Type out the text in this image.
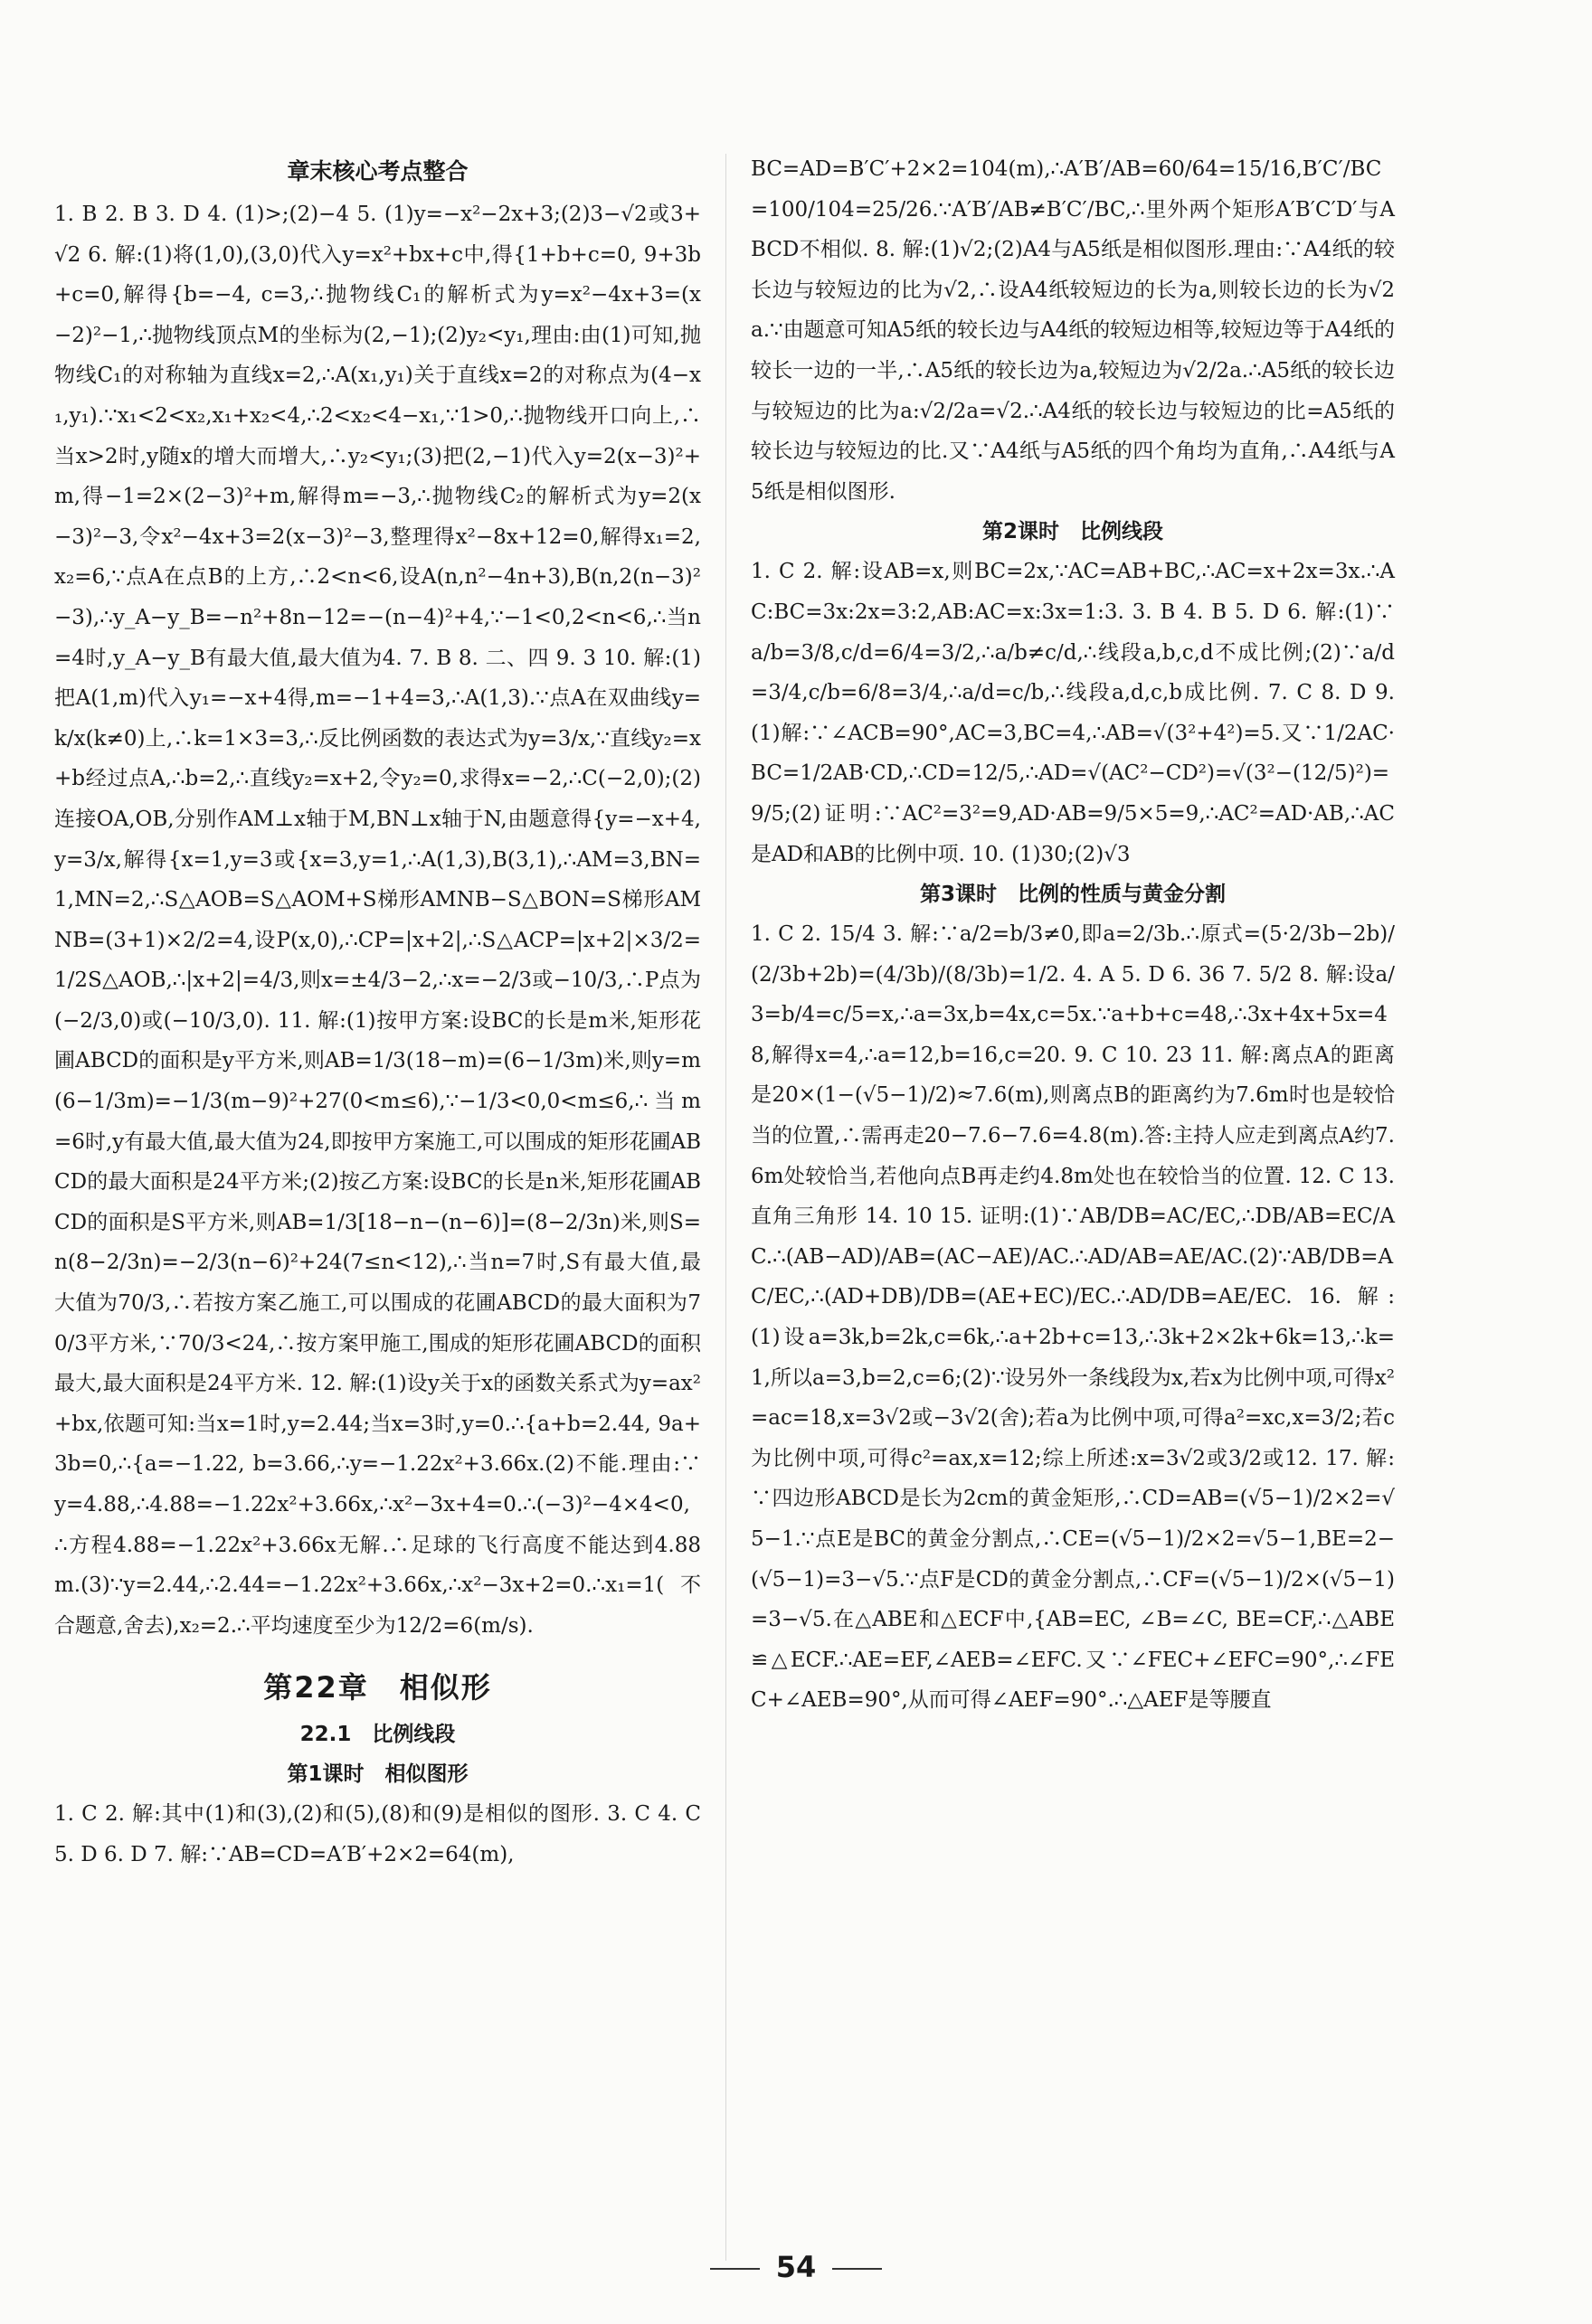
章末核心考点整合

1. B 2. B 3. D 4. (1)>;(2)−4 5. (1)y=−x²−2x+3;(2)3−√2或3+√2 6. 解:(1)将(1,0),(3,0)代入y=x²+bx+c中,得{1+b+c=0, 9+3b+c=0,解得{b=−4, c=3,∴抛物线C₁的解析式为y=x²−4x+3=(x−2)²−1,∴抛物线顶点M的坐标为(2,−1);(2)y₂<y₁,理由:由(1)可知,抛物线C₁的对称轴为直线x=2,∴A(x₁,y₁)关于直线x=2的对称点为(4−x₁,y₁).∵x₁<2<x₂,x₁+x₂<4,∴2<x₂<4−x₁,∵1>0,∴抛物线开口向上,∴当x>2时,y随x的增大而增大,∴y₂<y₁;(3)把(2,−1)代入y=2(x−3)²+m,得−1=2×(2−3)²+m,解得m=−3,∴抛物线C₂的解析式为y=2(x−3)²−3,令x²−4x+3=2(x−3)²−3,整理得x²−8x+12=0,解得x₁=2,x₂=6,∵点A在点B的上方,∴2<n<6,设A(n,n²−4n+3),B(n,2(n−3)²−3),∴y_A−y_B=−n²+8n−12=−(n−4)²+4,∵−1<0,2<n<6,∴当n=4时,y_A−y_B有最大值,最大值为4. 7. B 8. 二、四 9. 3 10. 解:(1)把A(1,m)代入y₁=−x+4得,m=−1+4=3,∴A(1,3).∵点A在双曲线y=k/x(k≠0)上,∴k=1×3=3,∴反比例函数的表达式为y=3/x,∵直线y₂=x+b经过点A,∴b=2,∴直线y₂=x+2,令y₂=0,求得x=−2,∴C(−2,0);(2)连接OA,OB,分别作AM⊥x轴于M,BN⊥x轴于N,由题意得{y=−x+4, y=3/x,解得{x=1,y=3或{x=3,y=1,∴A(1,3),B(3,1),∴AM=3,BN=1,MN=2,∴S△AOB=S△AOM+S梯形AMNB−S△BON=S梯形AMNB=(3+1)×2/2=4,设P(x,0),∴CP=|x+2|,∴S△ACP=|x+2|×3/2=1/2S△AOB,∴|x+2|=4/3,则x=±4/3−2,∴x=−2/3或−10/3,∴P点为(−2/3,0)或(−10/3,0). 11. 解:(1)按甲方案:设BC的长是m米,矩形花圃ABCD的面积是y平方米,则AB=1/3(18−m)=(6−1/3m)米,则y=m(6−1/3m)=−1/3(m−9)²+27(0<m≤6),∵−1/3<0,0<m≤6,∴当m=6时,y有最大值,最大值为24,即按甲方案施工,可以围成的矩形花圃ABCD的最大面积是24平方米;(2)按乙方案:设BC的长是n米,矩形花圃ABCD的面积是S平方米,则AB=1/3[18−n−(n−6)]=(8−2/3n)米,则S=n(8−2/3n)=−2/3(n−6)²+24(7≤n<12),∴当n=7时,S有最大值,最大值为70/3,∴若按方案乙施工,可以围成的花圃ABCD的最大面积为70/3平方米,∵70/3<24,∴按方案甲施工,围成的矩形花圃ABCD的面积最大,最大面积是24平方米. 12. 解:(1)设y关于x的函数关系式为y=ax²+bx,依题可知:当x=1时,y=2.44;当x=3时,y=0.∴{a+b=2.44, 9a+3b=0,∴{a=−1.22, b=3.66,∴y=−1.22x²+3.66x.(2)不能.理由:∵y=4.88,∴4.88=−1.22x²+3.66x,∴x²−3x+4=0.∴(−3)²−4×4<0,∴方程4.88=−1.22x²+3.66x无解.∴足球的飞行高度不能达到4.88m.(3)∵y=2.44,∴2.44=−1.22x²+3.66x,∴x²−3x+2=0.∴x₁=1(不合题意,舍去),x₂=2.∴平均速度至少为12/2=6(m/s).

第22章　相似形

22.1　比例线段

第1课时　相似图形

1. C 2. 解:其中(1)和(3),(2)和(5),(8)和(9)是相似的图形. 3. C 4. C 5. D 6. D 7. 解:∵AB=CD=A′B′+2×2=64(m),

BC=AD=B′C′+2×2=104(m),∴A′B′/AB=60/64=15/16,B′C′/BC=100/104=25/26.∵A′B′/AB≠B′C′/BC,∴里外两个矩形A′B′C′D′与ABCD不相似. 8. 解:(1)√2;(2)A4与A5纸是相似图形.理由:∵A4纸的较长边与较短边的比为√2,∴设A4纸较短边的长为a,则较长边的长为√2a.∵由题意可知A5纸的较长边与A4纸的较短边相等,较短边等于A4纸的较长一边的一半,∴A5纸的较长边为a,较短边为√2/2a.∴A5纸的较长边与较短边的比为a:√2/2a=√2.∴A4纸的较长边与较短边的比=A5纸的较长边与较短边的比.又∵A4纸与A5纸的四个角均为直角,∴A4纸与A5纸是相似图形.

第2课时　比例线段

1. C 2. 解:设AB=x,则BC=2x,∵AC=AB+BC,∴AC=x+2x=3x.∴AC:BC=3x:2x=3:2,AB:AC=x:3x=1:3. 3. B 4. B 5. D 6. 解:(1)∵a/b=3/8,c/d=6/4=3/2,∴a/b≠c/d,∴线段a,b,c,d不成比例;(2)∵a/d=3/4,c/b=6/8=3/4,∴a/d=c/b,∴线段a,d,c,b成比例. 7. C 8. D 9. (1)解:∵∠ACB=90°,AC=3,BC=4,∴AB=√(3²+4²)=5.又∵1/2AC·BC=1/2AB·CD,∴CD=12/5,∴AD=√(AC²−CD²)=√(3²−(12/5)²)=9/5;(2)证明:∵AC²=3²=9,AD·AB=9/5×5=9,∴AC²=AD·AB,∴AC是AD和AB的比例中项. 10. (1)30;(2)√3

第3课时　比例的性质与黄金分割

1. C 2. 15/4 3. 解:∵a/2=b/3≠0,即a=2/3b.∴原式=(5·2/3b−2b)/(2/3b+2b)=(4/3b)/(8/3b)=1/2. 4. A 5. D 6. 36 7. 5/2 8. 解:设a/3=b/4=c/5=x,∴a=3x,b=4x,c=5x.∵a+b+c=48,∴3x+4x+5x=48,解得x=4,∴a=12,b=16,c=20. 9. C 10. 23 11. 解:离点A的距离是20×(1−(√5−1)/2)≈7.6(m),则离点B的距离约为7.6m时也是较恰当的位置,∴需再走20−7.6−7.6=4.8(m).答:主持人应走到离点A约7.6m处较恰当,若他向点B再走约4.8m处也在较恰当的位置. 12. C 13. 直角三角形 14. 10 15. 证明:(1)∵AB/DB=AC/EC,∴DB/AB=EC/AC.∴(AB−AD)/AB=(AC−AE)/AC.∴AD/AB=AE/AC.(2)∵AB/DB=AC/EC,∴(AD+DB)/DB=(AE+EC)/EC.∴AD/DB=AE/EC. 16. 解:(1)设a=3k,b=2k,c=6k,∴a+2b+c=13,∴3k+2×2k+6k=13,∴k=1,所以a=3,b=2,c=6;(2)∵设另外一条线段为x,若x为比例中项,可得x²=ac=18,x=3√2或−3√2(舍);若a为比例中项,可得a²=xc,x=3/2;若c为比例中项,可得c²=ax,x=12;综上所述:x=3√2或3/2或12. 17. 解:∵四边形ABCD是长为2cm的黄金矩形,∴CD=AB=(√5−1)/2×2=√5−1.∵点E是BC的黄金分割点,∴CE=(√5−1)/2×2=√5−1,BE=2−(√5−1)=3−√5.∵点F是CD的黄金分割点,∴CF=(√5−1)/2×(√5−1)=3−√5.在△ABE和△ECF中,{AB=EC, ∠B=∠C, BE=CF,∴△ABE≌△ECF.∴AE=EF,∠AEB=∠EFC.又∵∠FEC+∠EFC=90°,∴∠FEC+∠AEB=90°,从而可得∠AEF=90°.∴△AEF是等腰直

54
